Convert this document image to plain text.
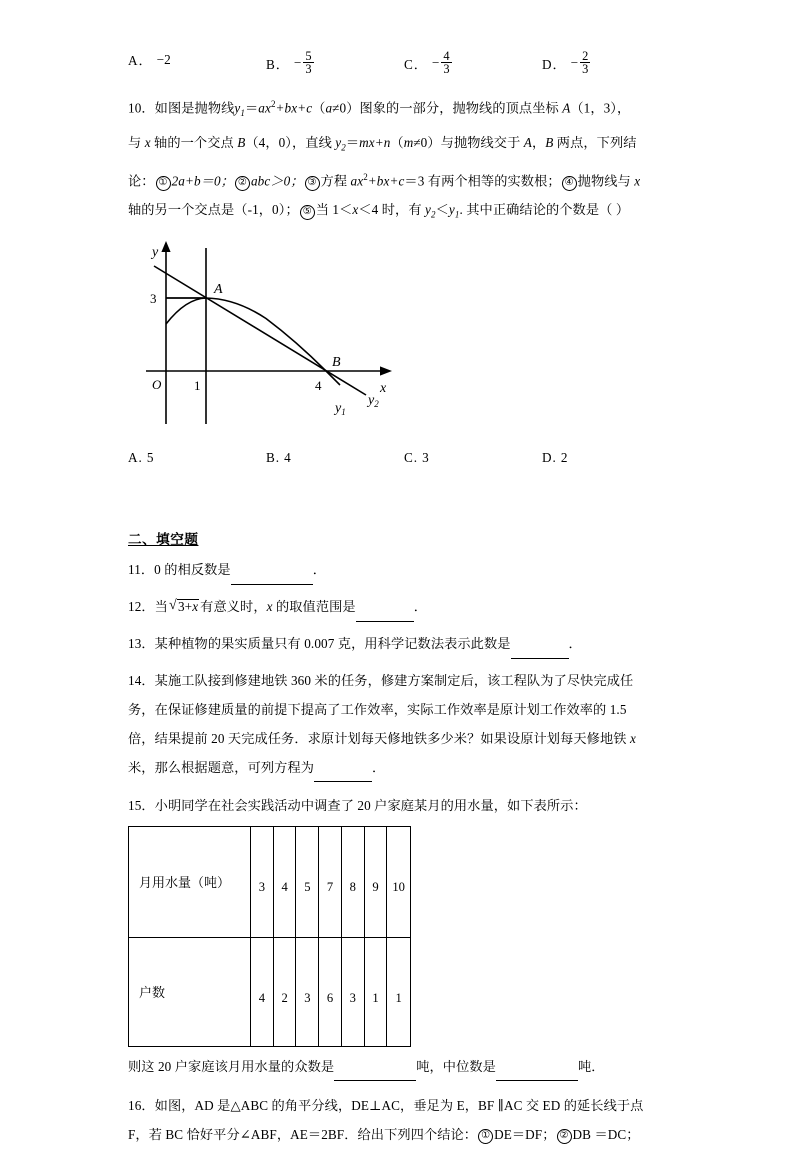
A． −2	B． − $\frac{5}{3}$	C． − $\frac{4}{3}$	D． − $\frac{2}{3}$
10．如图是抛物线$y_1=ax^2+bx+c(a\ne 0)$图象的一部分，抛物线的顶点坐标 A（1，3），
与 x 轴的一个交点 B（4，0），直线 $y_2=mx+n(m\ne 0)$与抛物线交于 A，B 两点，下列结
论： ① 2a+b＝0； ② abc＞0； ③ 方程 $ax^2+bx+c=3$ 有两个相等的实数根； ④ 抛物线与 x
轴的另一个交点是（-1，0）； ⑤ 当 1＜x＜4 时，有 $y_2<y_1$. 其中正确结论的个数是（ ）
y
x
O
3
1	4
A
B
$y_1$
$y_2$
A. 5	B. 4	C. 3	D. 2
二、填空题
11．0 的相反数是	．
12．当 √ 3+x 有意义时，x 的取值范围是	．
13．某种植物的果实质量只有 0.007 克，用科学记数法表示此数是	．
14．某施工队接到修建地铁 360 米的任务，修建方案制定后，该工程队为了尽快完成任
务，在保证修建质量的前提下提高了工作效率，实际工作效率是原计划工作效率的 1.5
倍，结果提前 20 天完成任务．求原计划每天修地铁多少米？如果设原计划每天修地铁 x
米，那么根据题意，可列方程为	．
15．小明同学在社会实践活动中调查了 20 户家庭某月的用水量，如下表所示：
月用水量（吨）	3	4	5	7	8	9	10
户数	4	2	3	6	3	1	1
则这 20 户家庭该月用水量的众数是	吨，中位数是	吨．
16．如图，AD 是△ABC 的角平分线，DE⊥AC，垂足为 E，BF ∥AC 交 ED 的延长线于点
F，若 BC 恰好平分∠ABF，AE＝2BF．给出下列四个结论： ① DE＝DF； ② DB ＝DC；
